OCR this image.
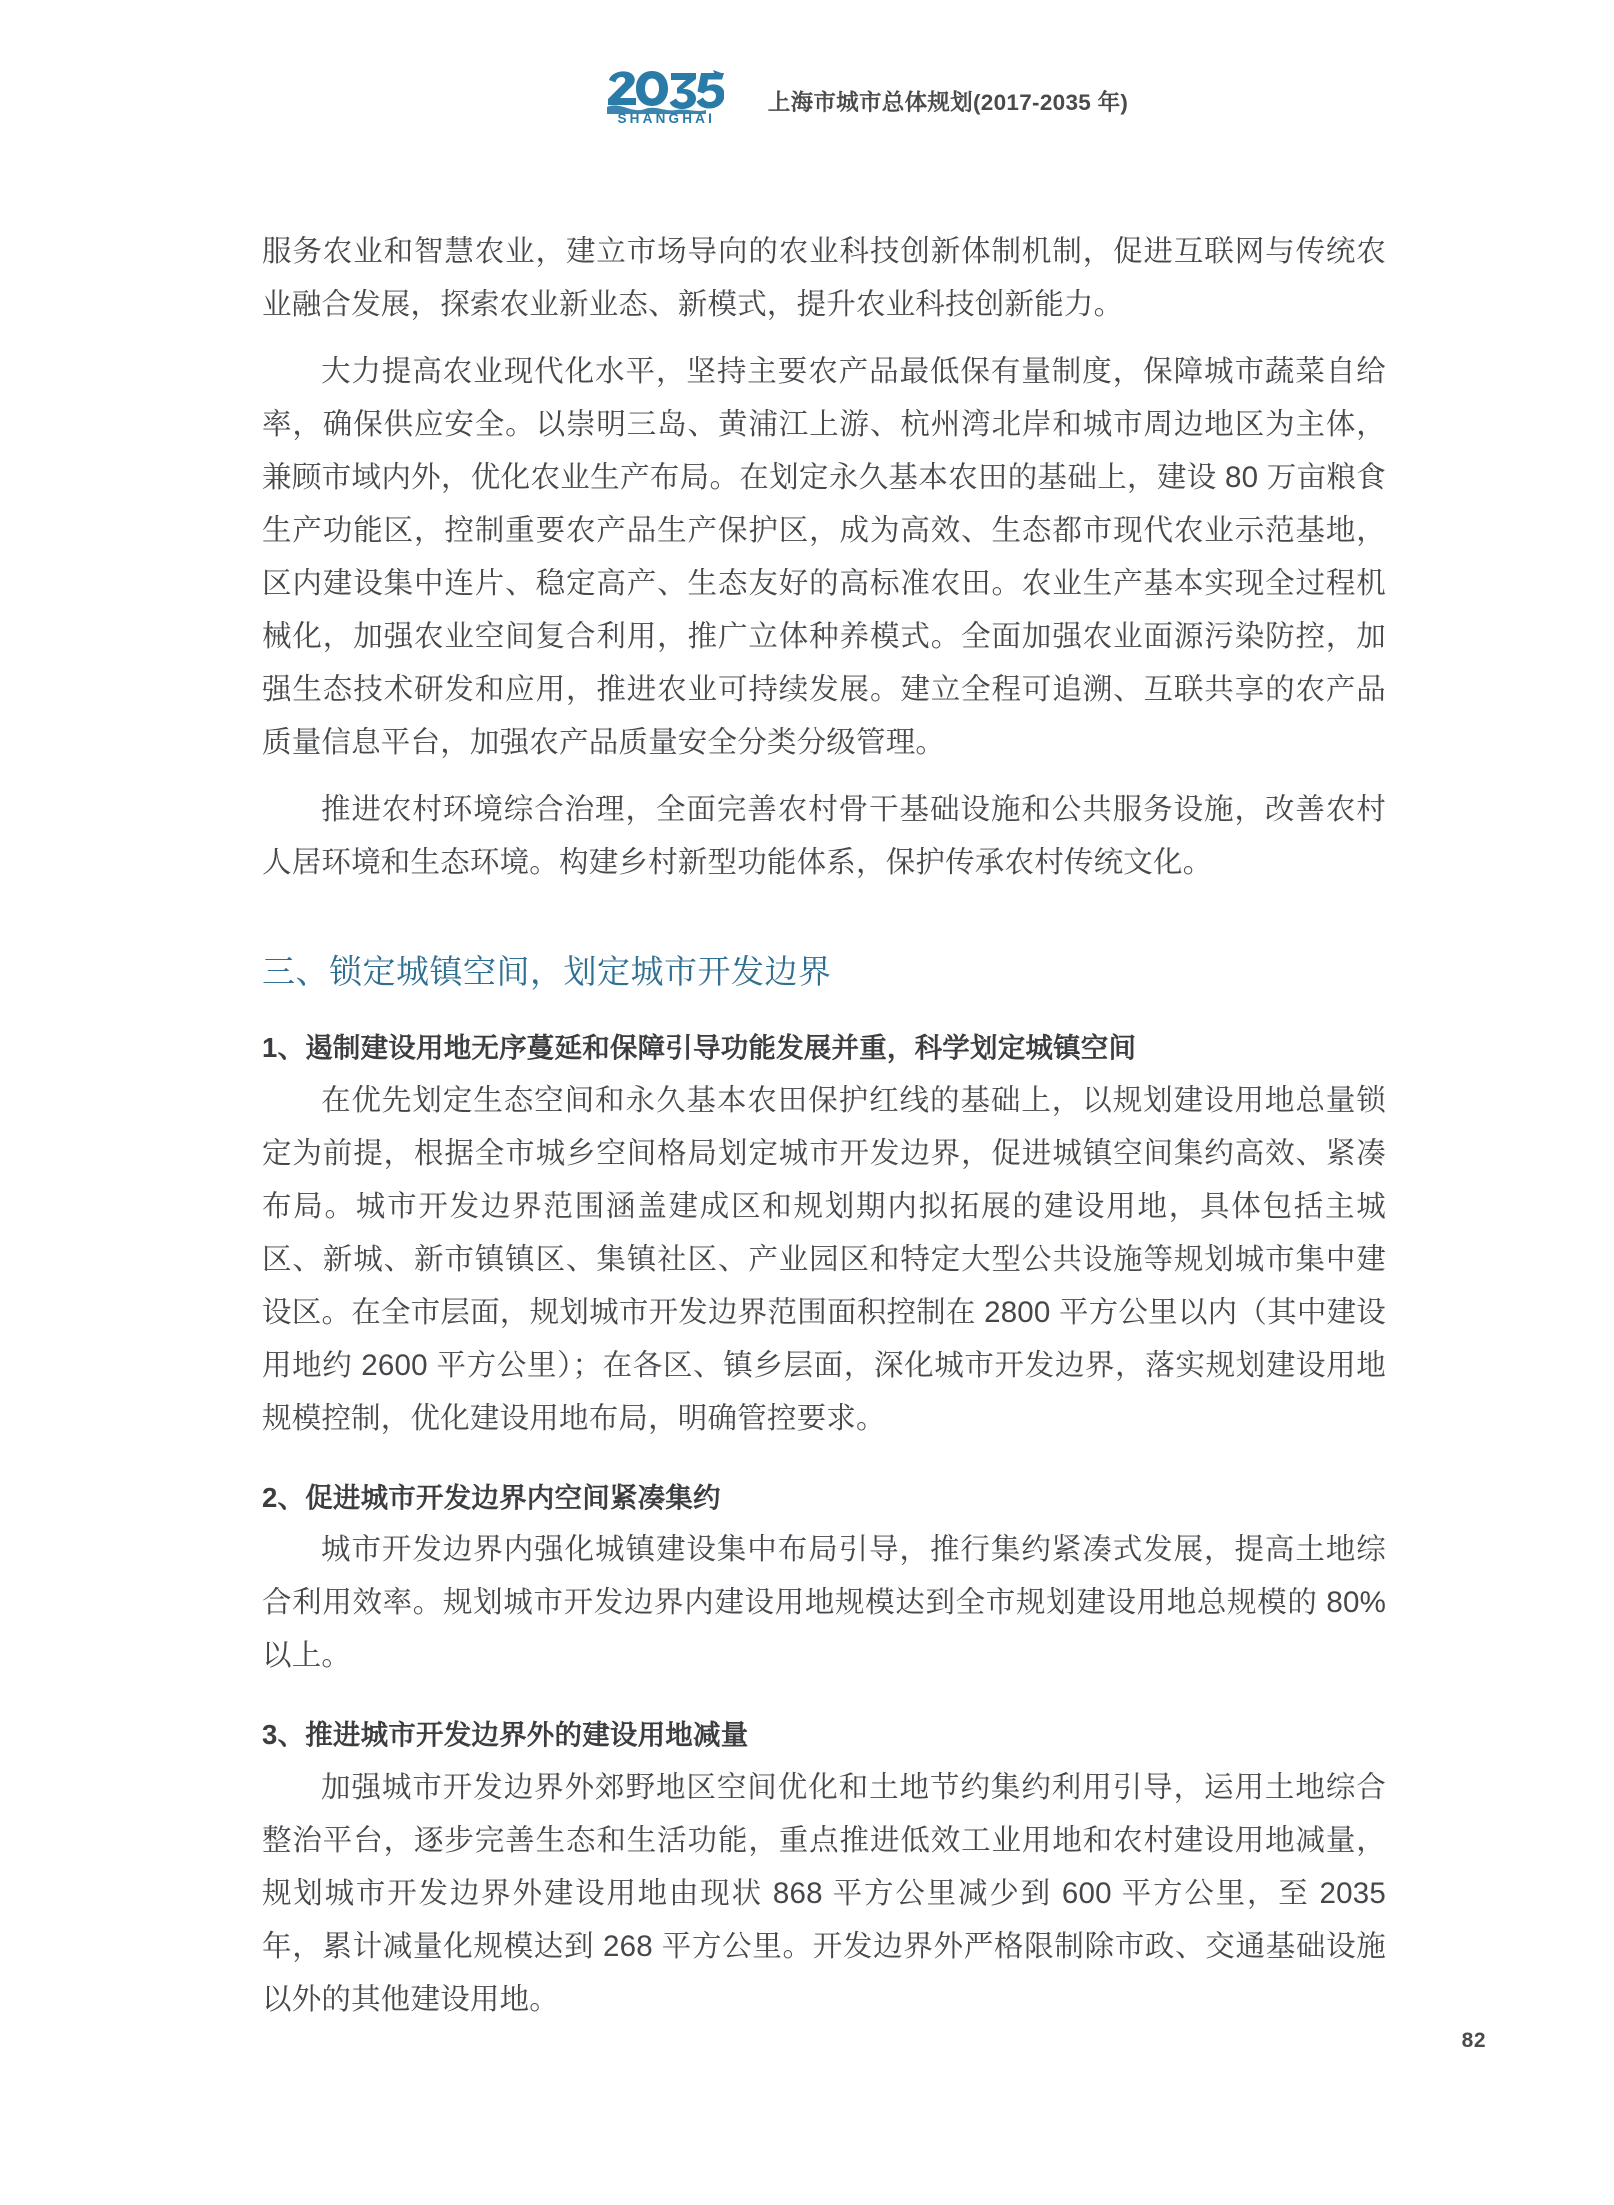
SHANGHAI
上海市城市总体规划(2017-2035 年)

服务农业和智慧农业，建立市场导向的农业科技创新体制机制，促进互联网与传统农业融合发展，探索农业新业态、新模式，提升农业科技创新能力。

大力提高农业现代化水平，坚持主要农产品最低保有量制度，保障城市蔬菜自给率，确保供应安全。以崇明三岛、黄浦江上游、杭州湾北岸和城市周边地区为主体，兼顾市域内外，优化农业生产布局。在划定永久基本农田的基础上，建设 80 万亩粮食生产功能区，控制重要农产品生产保护区，成为高效、生态都市现代农业示范基地，区内建设集中连片、稳定高产、生态友好的高标准农田。农业生产基本实现全过程机械化，加强农业空间复合利用，推广立体种养模式。全面加强农业面源污染防控，加强生态技术研发和应用，推进农业可持续发展。建立全程可追溯、互联共享的农产品质量信息平台，加强农产品质量安全分类分级管理。

推进农村环境综合治理，全面完善农村骨干基础设施和公共服务设施，改善农村人居环境和生态环境。构建乡村新型功能体系，保护传承农村传统文化。

三、锁定城镇空间，划定城市开发边界
1、遏制建设用地无序蔓延和保障引导功能发展并重，科学划定城镇空间

在优先划定生态空间和永久基本农田保护红线的基础上，以规划建设用地总量锁定为前提，根据全市城乡空间格局划定城市开发边界，促进城镇空间集约高效、紧凑布局。城市开发边界范围涵盖建成区和规划期内拟拓展的建设用地，具体包括主城区、新城、新市镇镇区、集镇社区、产业园区和特定大型公共设施等规划城市集中建设区。在全市层面，规划城市开发边界范围面积控制在 2800 平方公里以内（其中建设用地约 2600 平方公里）；在各区、镇乡层面，深化城市开发边界，落实规划建设用地规模控制，优化建设用地布局，明确管控要求。

2、促进城市开发边界内空间紧凑集约

城市开发边界内强化城镇建设集中布局引导，推行集约紧凑式发展，提高土地综合利用效率。规划城市开发边界内建设用地规模达到全市规划建设用地总规模的 80% 以上。

3、推进城市开发边界外的建设用地减量

加强城市开发边界外郊野地区空间优化和土地节约集约利用引导，运用土地综合整治平台，逐步完善生态和生活功能，重点推进低效工业用地和农村建设用地减量，规划城市开发边界外建设用地由现状 868 平方公里减少到 600 平方公里，至 2035 年，累计减量化规模达到 268 平方公里。开发边界外严格限制除市政、交通基础设施以外的其他建设用地。

82
